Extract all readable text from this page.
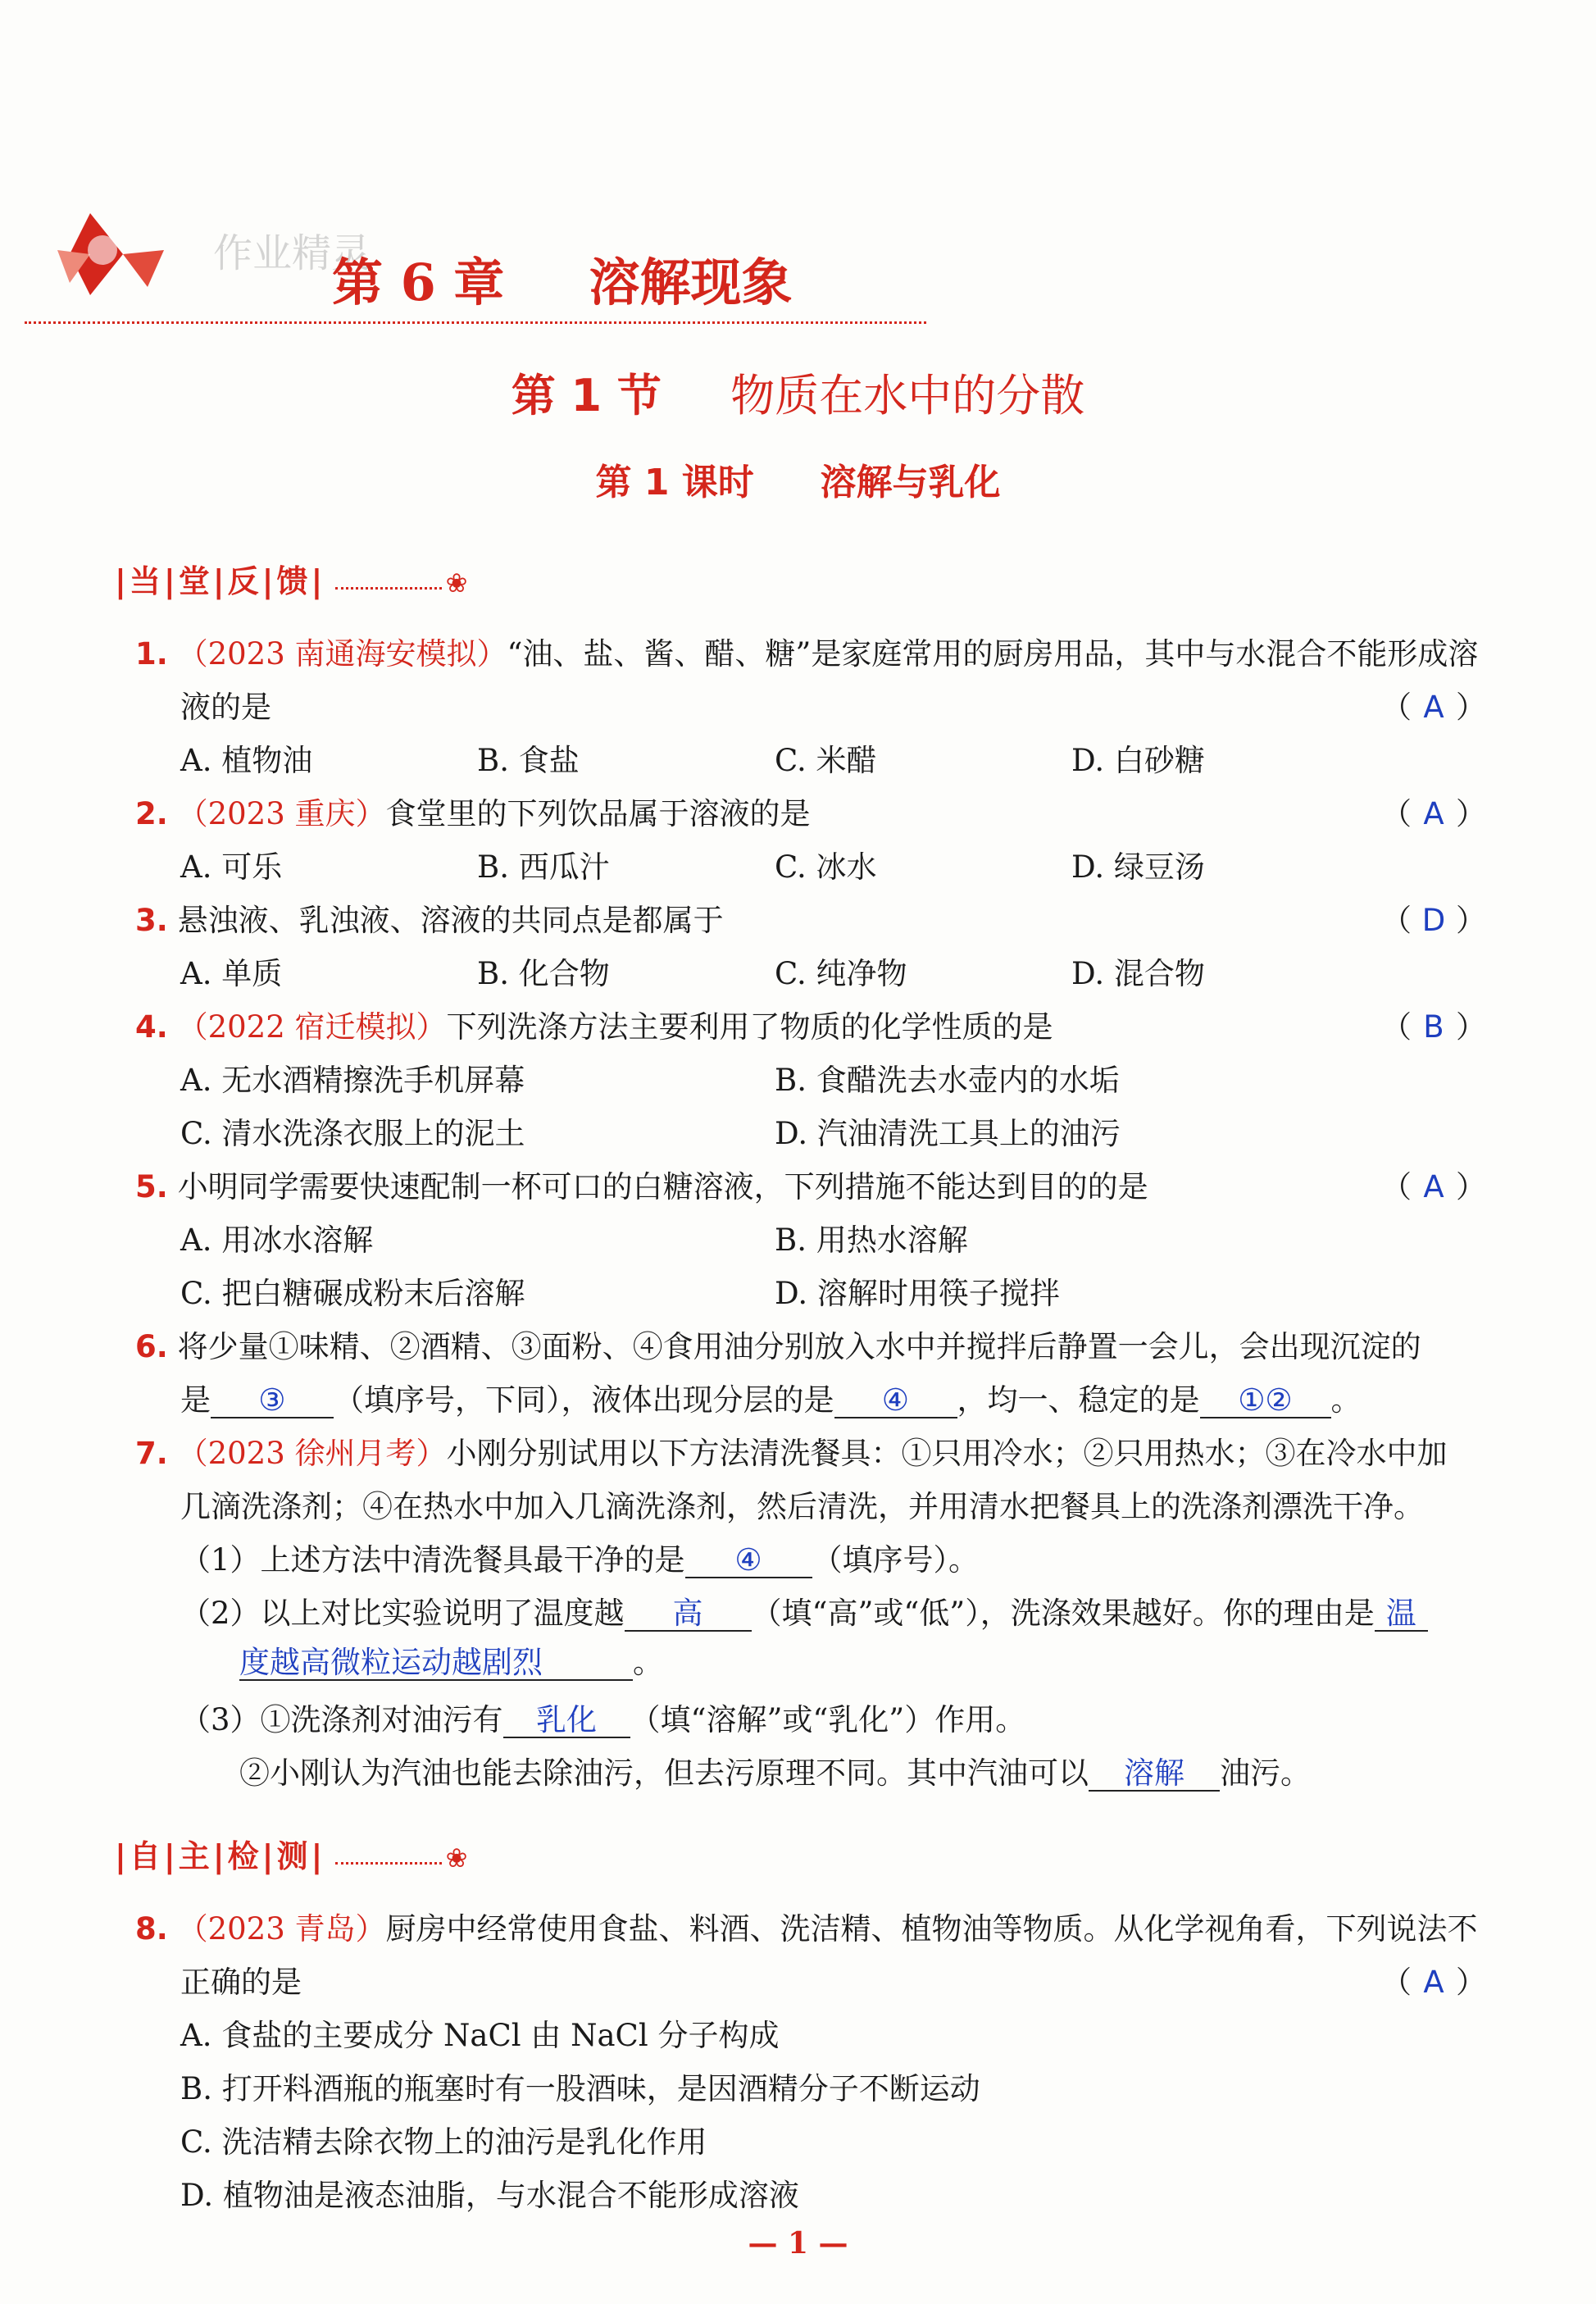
作业精灵
第 6 章 溶解现象
第 1 节 物质在水中的分散
第 1 课时 溶解与乳化
|当|堂|反|馈|	❀
1. （2023 南通海安模拟）“油、盐、酱、醋、糖”是家庭常用的厨房用品，其中与水混合不能形成溶
液的是	（ A ）
A. 植物油	B. 食盐	C. 米醋	D. 白砂糖
2. （2023 重庆）食堂里的下列饮品属于溶液的是	（ A ）
A. 可乐	B. 西瓜汁	C. 冰水	D. 绿豆汤
3. 悬浊液、乳浊液、溶液的共同点是都属于	（ D ）
A. 单质	B. 化合物	C. 纯净物	D. 混合物
4. （2022 宿迁模拟）下列洗涤方法主要利用了物质的化学性质的是	（ B ）
A. 无水酒精擦洗手机屏幕	B. 食醋洗去水壶内的水垢
C. 清水洗涤衣服上的泥土	D. 汽油清洗工具上的油污
5. 小明同学需要快速配制一杯可口的白糖溶液，下列措施不能达到目的的是	（ A ）
A. 用冰水溶解	B. 用热水溶解
C. 把白糖碾成粉末后溶解	D. 溶解时用筷子搅拌
6. 将少量①味精、②酒精、③面粉、④食用油分别放入水中并搅拌后静置一会儿，会出现沉淀的
是 ③ （填序号，下同），液体出现分层的是 ④ ，均一、稳定的是 ①② 。
7. （2023 徐州月考）小刚分别试用以下方法清洗餐具：①只用冷水；②只用热水；③在冷水中加
几滴洗涤剂；④在热水中加入几滴洗涤剂，然后清洗，并用清水把餐具上的洗涤剂漂洗干净。
（1）上述方法中清洗餐具最干净的是 ④ （填序号）。
（2）以上对比实验说明了温度越 高 （填“高”或“低”），洗涤效果越好。你的理由是 温
度越高微粒运动越剧烈	。
（3）①洗涤剂对油污有 乳化 （填“溶解”或“乳化”）作用。
②小刚认为汽油也能去除油污，但去污原理不同。其中汽油可以 溶解 油污。
|自|主|检|测|	❀
8. （2023 青岛）厨房中经常使用食盐、料酒、洗洁精、植物油等物质。从化学视角看，下列说法不
正确的是	（ A ）
A. 食盐的主要成分 NaCl 由 NaCl 分子构成
B. 打开料酒瓶的瓶塞时有一股酒味，是因酒精分子不断运动
C. 洗洁精去除衣物上的油污是乳化作用
D. 植物油是液态油脂，与水混合不能形成溶液
— 1 —
